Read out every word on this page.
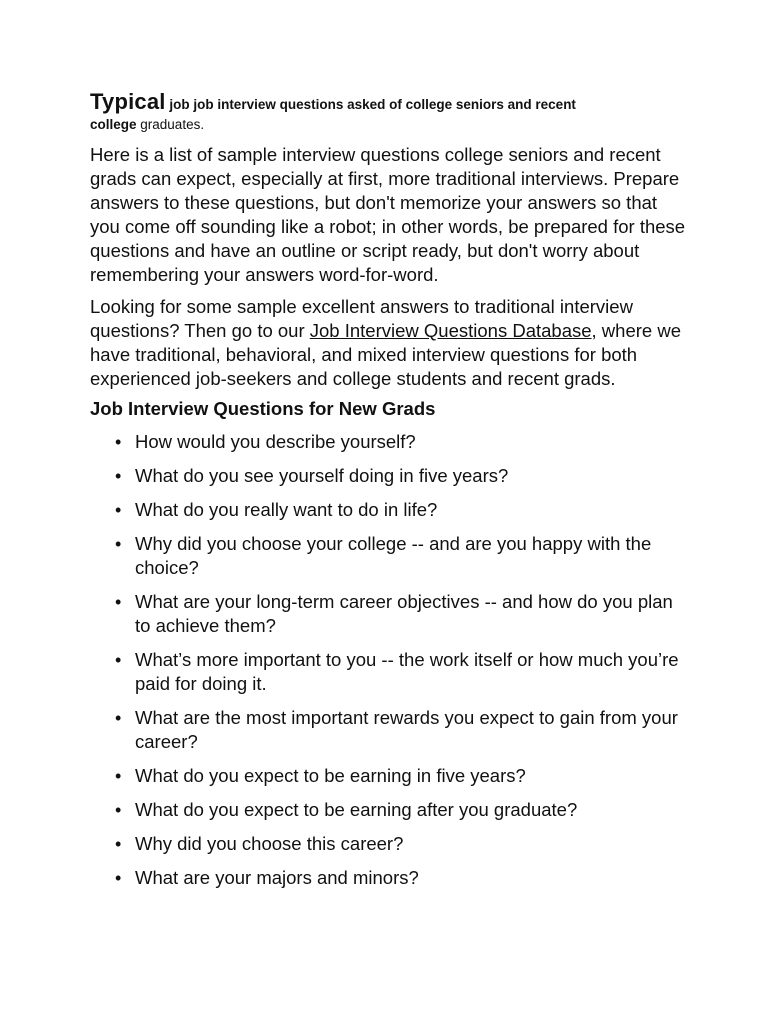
Typical job job interview questions asked of college seniors and recent
college graduates.

Here is a list of sample interview questions college seniors and recent grads can expect, especially at first, more traditional interviews. Prepare answers to these questions, but don't memorize your answers so that you come off sounding like a robot; in other words, be prepared for these questions and have an outline or script ready, but don't worry about remembering your answers word-for-word.

Looking for some sample excellent answers to traditional interview questions? Then go to our Job Interview Questions Database, where we have traditional, behavioral, and mixed interview questions for both experienced job-seekers and college students and recent grads.

Job Interview Questions for New Grads

• How would you describe yourself?
• What do you see yourself doing in five years?
• What do you really want to do in life?
• Why did you choose your college -- and are you happy with the choice?
• What are your long-term career objectives -- and how do you plan to achieve them?
• What’s more important to you -- the work itself or how much you’re paid for doing it.
• What are the most important rewards you expect to gain from your career?
• What do you expect to be earning in five years?
• What do you expect to be earning after you graduate?
• Why did you choose this career?
• What are your majors and minors?
